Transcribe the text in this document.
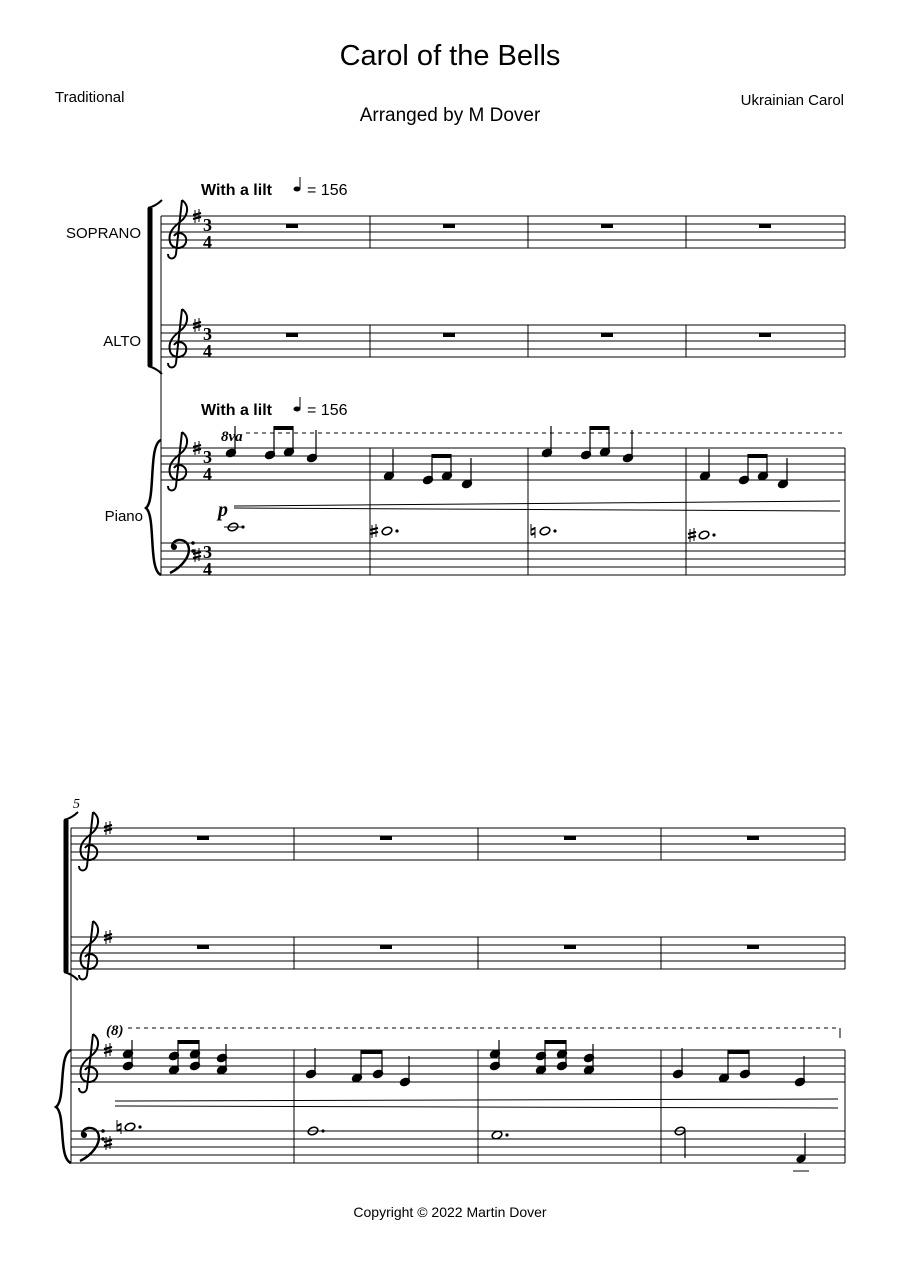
Carol of the Bells
Traditional	Ukrainian Carol
Arranged by M Dover
SOPRANO
ALTO
Piano
With a lilt = 156
With a lilt = 156
3
4
3
4
8va
3
4
p
3
4
5
(8)
Copyright © 2022 Martin Dover
